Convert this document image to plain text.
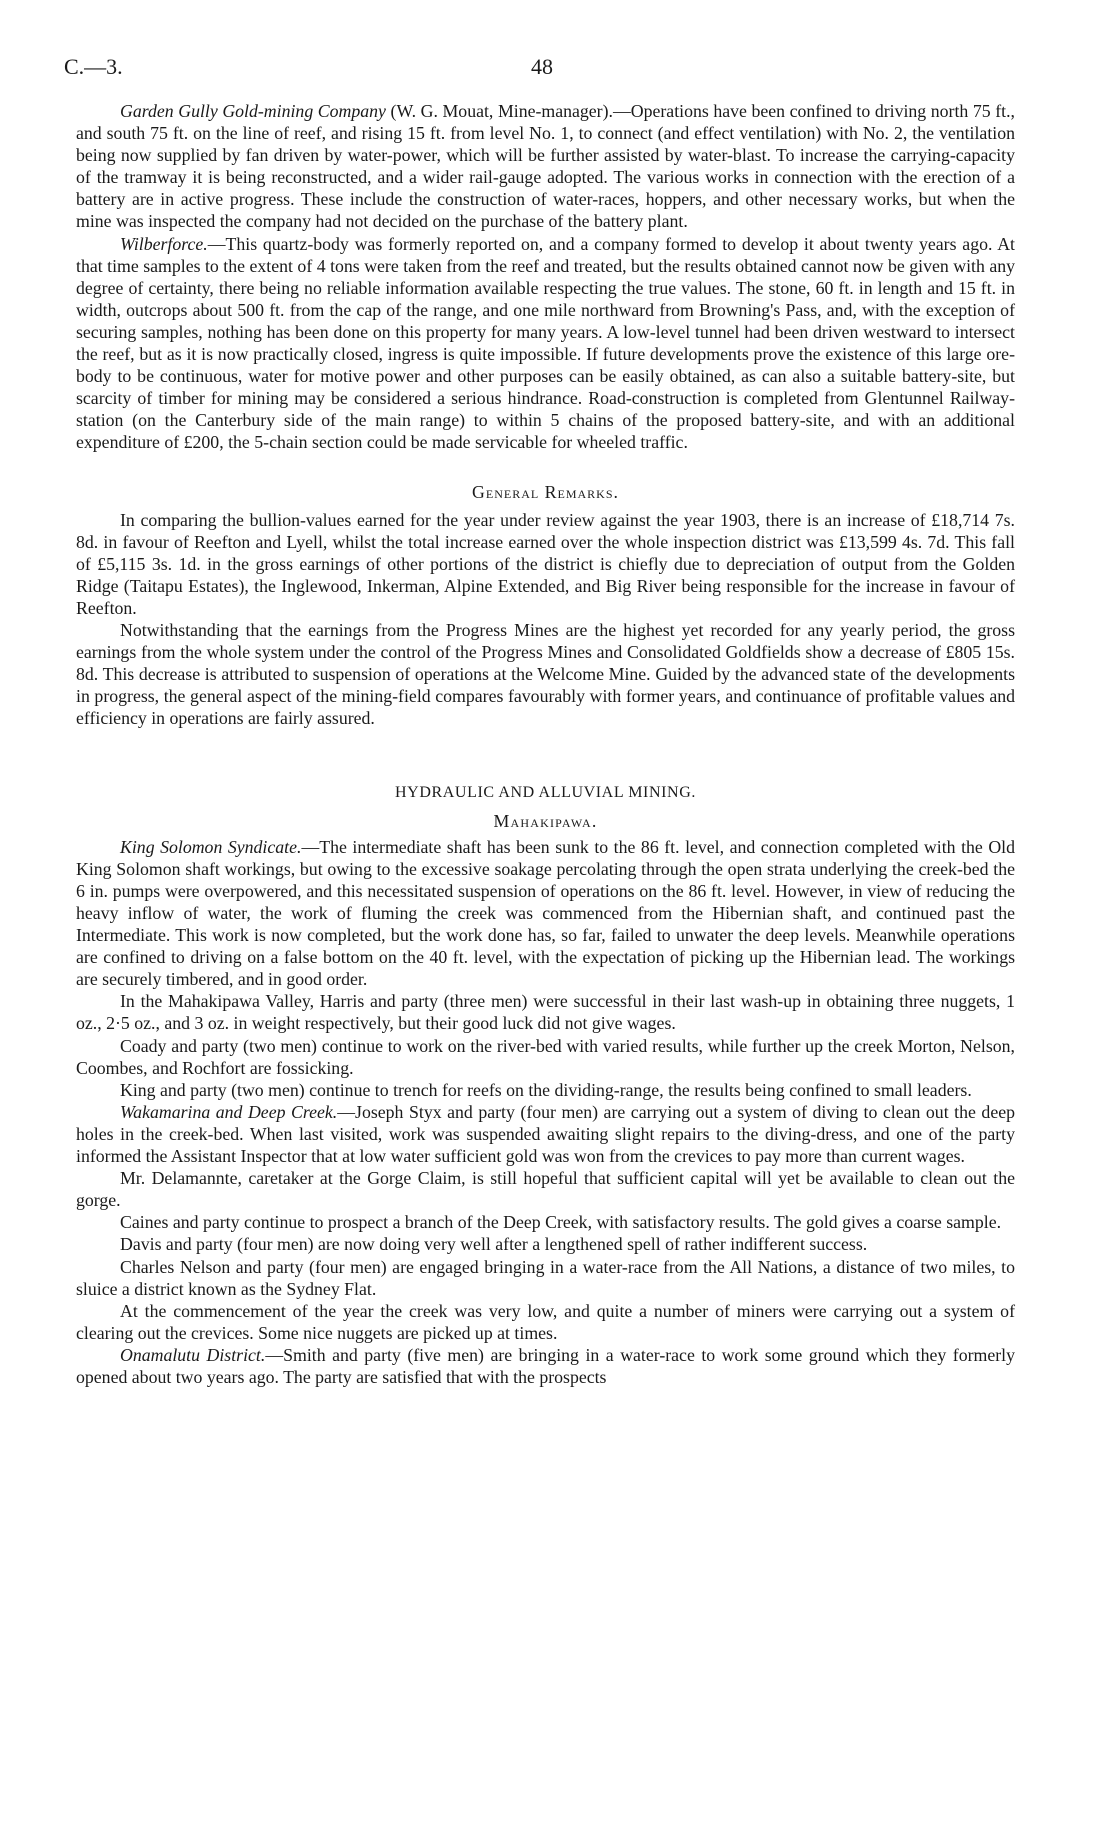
C.—3.	48

Garden Gully Gold-mining Company (W. G. Mouat, Mine-manager).—Operations have been confined to driving north 75 ft., and south 75 ft. on the line of reef, and rising 15 ft. from level No. 1, to connect (and effect ventilation) with No. 2, the ventilation being now supplied by fan driven by water-power, which will be further assisted by water-blast. To increase the carrying-capacity of the tramway it is being reconstructed, and a wider rail-gauge adopted. The various works in connection with the erection of a battery are in active progress. These include the construction of water-races, hoppers, and other necessary works, but when the mine was inspected the company had not decided on the purchase of the battery plant.

Wilberforce.—This quartz-body was formerly reported on, and a company formed to develop it about twenty years ago. At that time samples to the extent of 4 tons were taken from the reef and treated, but the results obtained cannot now be given with any degree of certainty, there being no reliable information available respecting the true values. The stone, 60 ft. in length and 15 ft. in width, outcrops about 500 ft. from the cap of the range, and one mile northward from Browning's Pass, and, with the exception of securing samples, nothing has been done on this property for many years. A low-level tunnel had been driven westward to intersect the reef, but as it is now practically closed, ingress is quite impossible. If future developments prove the existence of this large ore-body to be continuous, water for motive power and other purposes can be easily obtained, as can also a suitable battery-site, but scarcity of timber for mining may be considered a serious hindrance. Road-construction is completed from Glentunnel Railway-station (on the Canterbury side of the main range) to within 5 chains of the proposed battery-site, and with an additional expenditure of £200, the 5-chain section could be made servicable for wheeled traffic.

General Remarks.

In comparing the bullion-values earned for the year under review against the year 1903, there is an increase of £18,714 7s. 8d. in favour of Reefton and Lyell, whilst the total increase earned over the whole inspection district was £13,599 4s. 7d. This fall of £5,115 3s. 1d. in the gross earnings of other portions of the district is chiefly due to depreciation of output from the Golden Ridge (Taitapu Estates), the Inglewood, Inkerman, Alpine Extended, and Big River being responsible for the increase in favour of Reefton.

Notwithstanding that the earnings from the Progress Mines are the highest yet recorded for any yearly period, the gross earnings from the whole system under the control of the Progress Mines and Consolidated Goldfields show a decrease of £805 15s. 8d. This decrease is attributed to suspension of operations at the Welcome Mine. Guided by the advanced state of the developments in progress, the general aspect of the mining-field compares favourably with former years, and continuance of profitable values and efficiency in operations are fairly assured.

HYDRAULIC AND ALLUVIAL MINING.
Mahakipawa.

King Solomon Syndicate.—The intermediate shaft has been sunk to the 86 ft. level, and connection completed with the Old King Solomon shaft workings, but owing to the excessive soakage percolating through the open strata underlying the creek-bed the 6 in. pumps were overpowered, and this necessitated suspension of operations on the 86 ft. level. However, in view of reducing the heavy inflow of water, the work of fluming the creek was commenced from the Hibernian shaft, and continued past the Intermediate. This work is now completed, but the work done has, so far, failed to unwater the deep levels. Meanwhile operations are confined to driving on a false bottom on the 40 ft. level, with the expectation of picking up the Hibernian lead. The workings are securely timbered, and in good order.

In the Mahakipawa Valley, Harris and party (three men) were successful in their last wash-up in obtaining three nuggets, 1 oz., 2·5 oz., and 3 oz. in weight respectively, but their good luck did not give wages.

Coady and party (two men) continue to work on the river-bed with varied results, while further up the creek Morton, Nelson, Coombes, and Rochfort are fossicking.

King and party (two men) continue to trench for reefs on the dividing-range, the results being confined to small leaders.

Wakamarina and Deep Creek.—Joseph Styx and party (four men) are carrying out a system of diving to clean out the deep holes in the creek-bed. When last visited, work was suspended awaiting slight repairs to the diving-dress, and one of the party informed the Assistant Inspector that at low water sufficient gold was won from the crevices to pay more than current wages.

Mr. Delamannte, caretaker at the Gorge Claim, is still hopeful that sufficient capital will yet be available to clean out the gorge.

Caines and party continue to prospect a branch of the Deep Creek, with satisfactory results. The gold gives a coarse sample.

Davis and party (four men) are now doing very well after a lengthened spell of rather indifferent success.

Charles Nelson and party (four men) are engaged bringing in a water-race from the All Nations, a distance of two miles, to sluice a district known as the Sydney Flat.

At the commencement of the year the creek was very low, and quite a number of miners were carrying out a system of clearing out the crevices. Some nice nuggets are picked up at times.

Onamalutu District.—Smith and party (five men) are bringing in a water-race to work some ground which they formerly opened about two years ago. The party are satisfied that with the prospects
